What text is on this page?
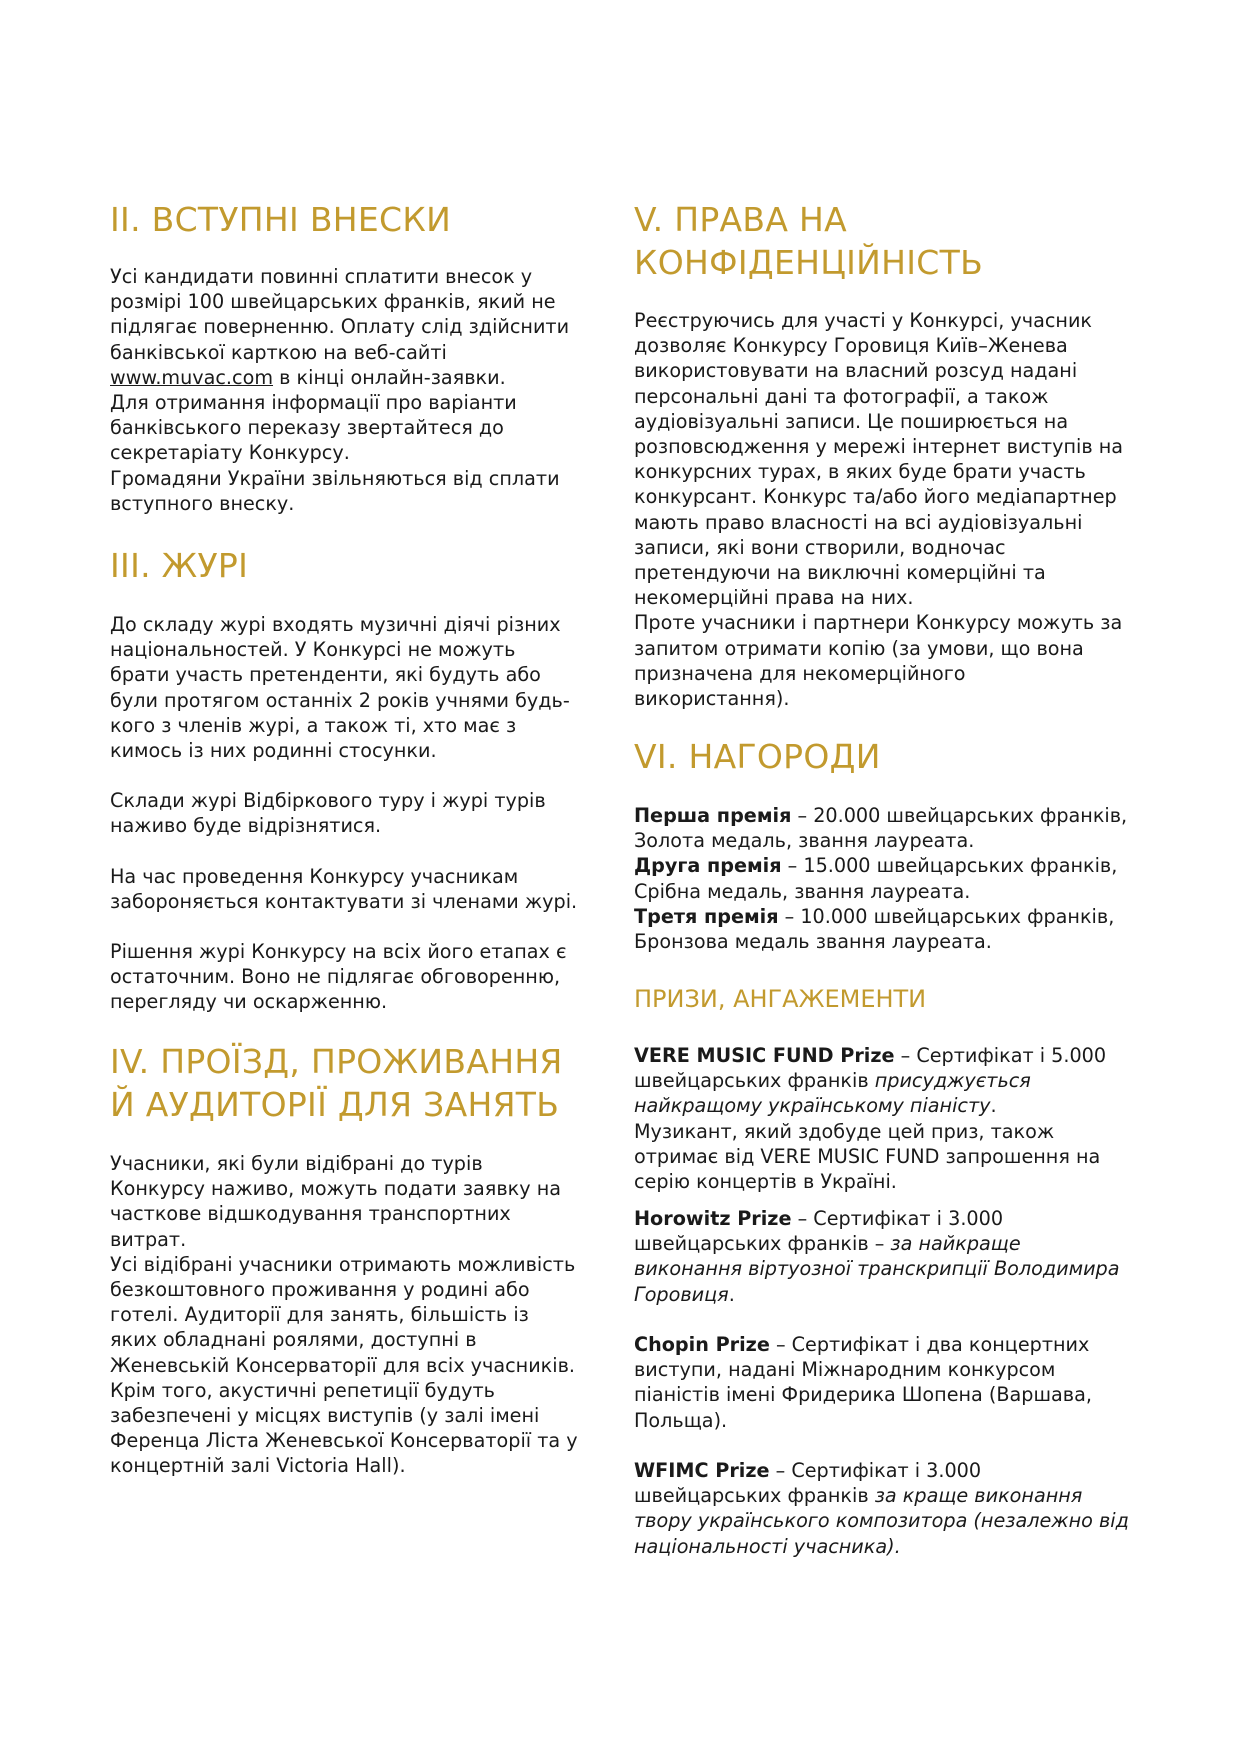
II. ВСТУПНІ ВНЕСКИ

Усі кандидати повинні сплатити внесок у розмірі 100 швейцарських франків, який не підлягає поверненню. Оплату слід здійснити банківської карткою на веб-сайті www.muvac.com в кінці онлайн-заявки.

Для отримання інформації про варіанти банківського переказу звертайтеся до секретаріату Конкурсу.

Громадяни України звільняються від сплати вступного внеску.

III. ЖУРІ

До складу журі входять музичні діячі різних національностей. У Конкурсі не можуть брати участь претенденти, які будуть або були протягом останніх 2 років учнями будь-кого з членів журі, а також ті, хто має з кимось із них родинні стосунки.

Склади журі Відбіркового туру і журі турів наживо буде відрізнятися.

На час проведення Конкурсу учасникам забороняється контактувати зі членами журі.

Рішення журі Конкурсу на всіх його етапах є остаточним. Воно не підлягає обговоренню, перегляду чи оскарженню.

IV. ПРОЇЗД, ПРОЖИВАННЯ Й АУДИТОРІЇ ДЛЯ ЗАНЯТЬ

Учасники, які були відібрані до турів Конкурсу наживо, можуть подати заявку на часткове відшкодування транспортних витрат.

Усі відібрані учасники отримають можливість безкоштовного проживання у родині або готелі. Аудиторії для занять, більшість із яких обладнані роялями, доступні в Женевській Консерваторії для всіх учасників. Крім того, акустичні репетиції будуть забезпечені у місцях виступів (у залі імені Ференца Ліста Женевської Консерваторії та у концертній залі Victoria Hall).

V. ПРАВА НА КОНФІДЕНЦІЙНІСТЬ

Реєструючись для участі у Конкурсі, учасник дозволяє Конкурсу Горовиця Київ–Женева використовувати на власний розсуд надані персональні дані та фотографії, а також аудіовізуальні записи. Це поширюється на розповсюдження у мережі інтернет виступів на конкурсних турах, в яких буде брати участь конкурсант. Конкурс та/або його медіапартнер мають право власності на всі аудіовізуальні записи, які вони створили, водночас претендуючи на виключні комерційні та некомерційні права на них.

Проте учасники і партнери Конкурсу можуть за запитом отримати копію (за умови, що вона призначена для некомерційного використання).

VI. НАГОРОДИ

Перша премія – 20.000 швейцарських франків, Золота медаль, звання лауреата.

Друга премія – 15.000 швейцарських франків, Срібна медаль, звання лауреата.

Третя премія – 10.000 швейцарських франків, Бронзова медаль звання лауреата.

ПРИЗИ, АНГАЖЕМЕНТИ

VERE MUSIC FUND Prize – Сертифікат і 5.000 швейцарських франків присуджується найкращому українському піаністу.

Музикант, який здобуде цей приз, також отримає від VERE MUSIC FUND запрошення на серію концертів в Україні.

Horowitz Prize – Сертифікат і 3.000 швейцарських франків – за найкраще виконання віртуозної транскрипції Володимира Горовиця.

Chopin Prize – Сертифікат і два концертних виступи, надані Міжнародним конкурсом піаністів імені Фридерика Шопена (Варшава, Польща).

WFIMC Prize – Сертифікат і 3.000 швейцарських франків за краще виконання твору українського композитора (незалежно від національності учасника).
